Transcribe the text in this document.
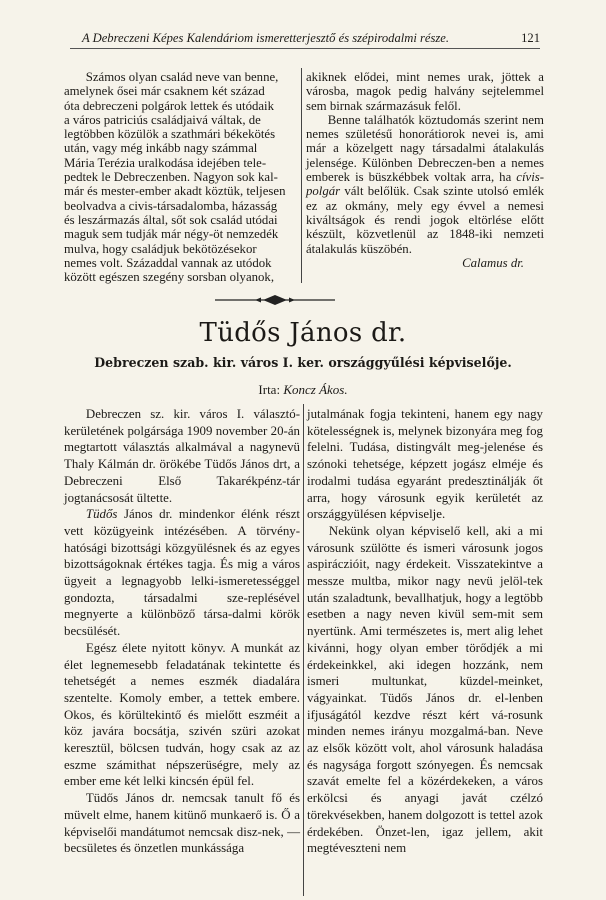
A Debreczeni Képes Kalendáriom ismeretterjesztő és szépirodalmi része.	121

Számos olyan család neve van benne,

amelynek ősei már csaknem két század

óta debreczeni polgárok lettek és utódaik

a város patriciús családjaivá váltak, de

legtöbben közülök a szathmári békekötés

után, vagy még inkább nagy számmal

Mária Terézia uralkodása idejében tele-

pedtek le Debreczenben. Nagyon sok kal-

már és mester-ember akadt köztük, teljesen

beolvadva a civis-társadalomba, házasság

és leszármazás által, sőt sok család utódai

maguk sem tudják már négy-öt nemzedék

mulva, hogy családjuk bekötözésekor

nemes volt. Századdal vannak az utódok

között egészen szegény sorsban olyanok,

akiknek elődei, mint nemes urak, jöttek a városba, magok pedig halvány sejtelemmel sem birnak származásuk felől.

Benne találhatók köztudomás szerint nem nemes születésű honorátiorok nevei is, ami már a közelgett nagy társadalmi átalakulás jelensége. Különben Debreczen-ben a nemes emberek is büszkébbek voltak arra, ha cívis-polgár vált belőlük. Csak szinte utolsó emlék ez az okmány, mely egy évvel a nemesi kiváltságok és rendi jogok eltörlése előtt készült, közvetlenül az 1848-iki nemzeti átalakulás küszöbén.

Calamus dr.

Tüdős János dr.
Debreczen szab. kir. város I. ker. országgyűlési képviselője.
Irta: Koncz Ákos.

Debreczen sz. kir. város I. választó-kerületének polgársága 1909 november 20-án megtartott választás alkalmával a nagynevü Thaly Kálmán dr. örökébe Tüdős János drt, a Debreczeni Első Takarékpénz-tár jogtanácsosát ültette.

Tüdős János dr. mindenkor élénk részt vett közügyeink intézésében. A törvény-hatósági bizottsági közgyülésnek és az egyes bizottságoknak értékes tagja. És mig a város ügyeit a legnagyobb lelki-ismeretességgel gondozta, társadalmi sze-replésével megnyerte a különböző társa-dalmi körök becsülését.

Egész élete nyitott könyv. A munkát az élet legnemesebb feladatának tekintette és tehetségét a nemes eszmék diadalára szentelte. Komoly ember, a tettek embere. Okos, és körültekintő és mielőtt eszméit a köz javára bocsátja, szivén szüri azokat keresztül, bölcsen tudván, hogy csak az az eszme számithat népszerüségre, mely az ember eme két lelki kincsén épül fel.

Tüdős János dr. nemcsak tanult fő és müvelt elme, hanem kitünő munkaerő is. Ő a képviselői mandátumot nemcsak disz-nek, — becsületes és önzetlen munkássága

jutalmának fogja tekinteni, hanem egy nagy kötelességnek is, melynek bizonyára meg fog felelni. Tudása, distingvált meg-jelenése és szónoki tehetsége, képzett jogász elméje és irodalmi tudása egyaránt predesztinálják őt arra, hogy városunk egyik kerületét az országgyülésen képviselje.

Nekünk olyan képviselő kell, aki a mi városunk szülötte és ismeri városunk jogos aspiráczióit, nagy érdekeit. Visszatekintve a messze multba, mikor nagy nevü jelöl-tek után szaladtunk, bevallhatjuk, hogy a legtöbb esetben a nagy neven kivül sem-mit sem nyertünk. Ami természetes is, mert alig lehet kivánni, hogy olyan ember törődjék a mi érdekeinkkel, aki idegen hozzánk, nem ismeri multunkat, küzdel-meinket, vágyainkat. Tüdős János dr. el-lenben ifjuságától kezdve részt kért vá-rosunk minden nemes irányu mozgalmá-ban. Neve az elsők között volt, ahol városunk haladása és nagysága forgott szónyegen. És nemcsak szavát emelte fel a közérdekeken, a város erkölcsi és anyagi javát czélzó törekvésekben, hanem dolgozott is tettel azok érdekében. Önzet-len, igaz jellem, akit megtéveszteni nem
